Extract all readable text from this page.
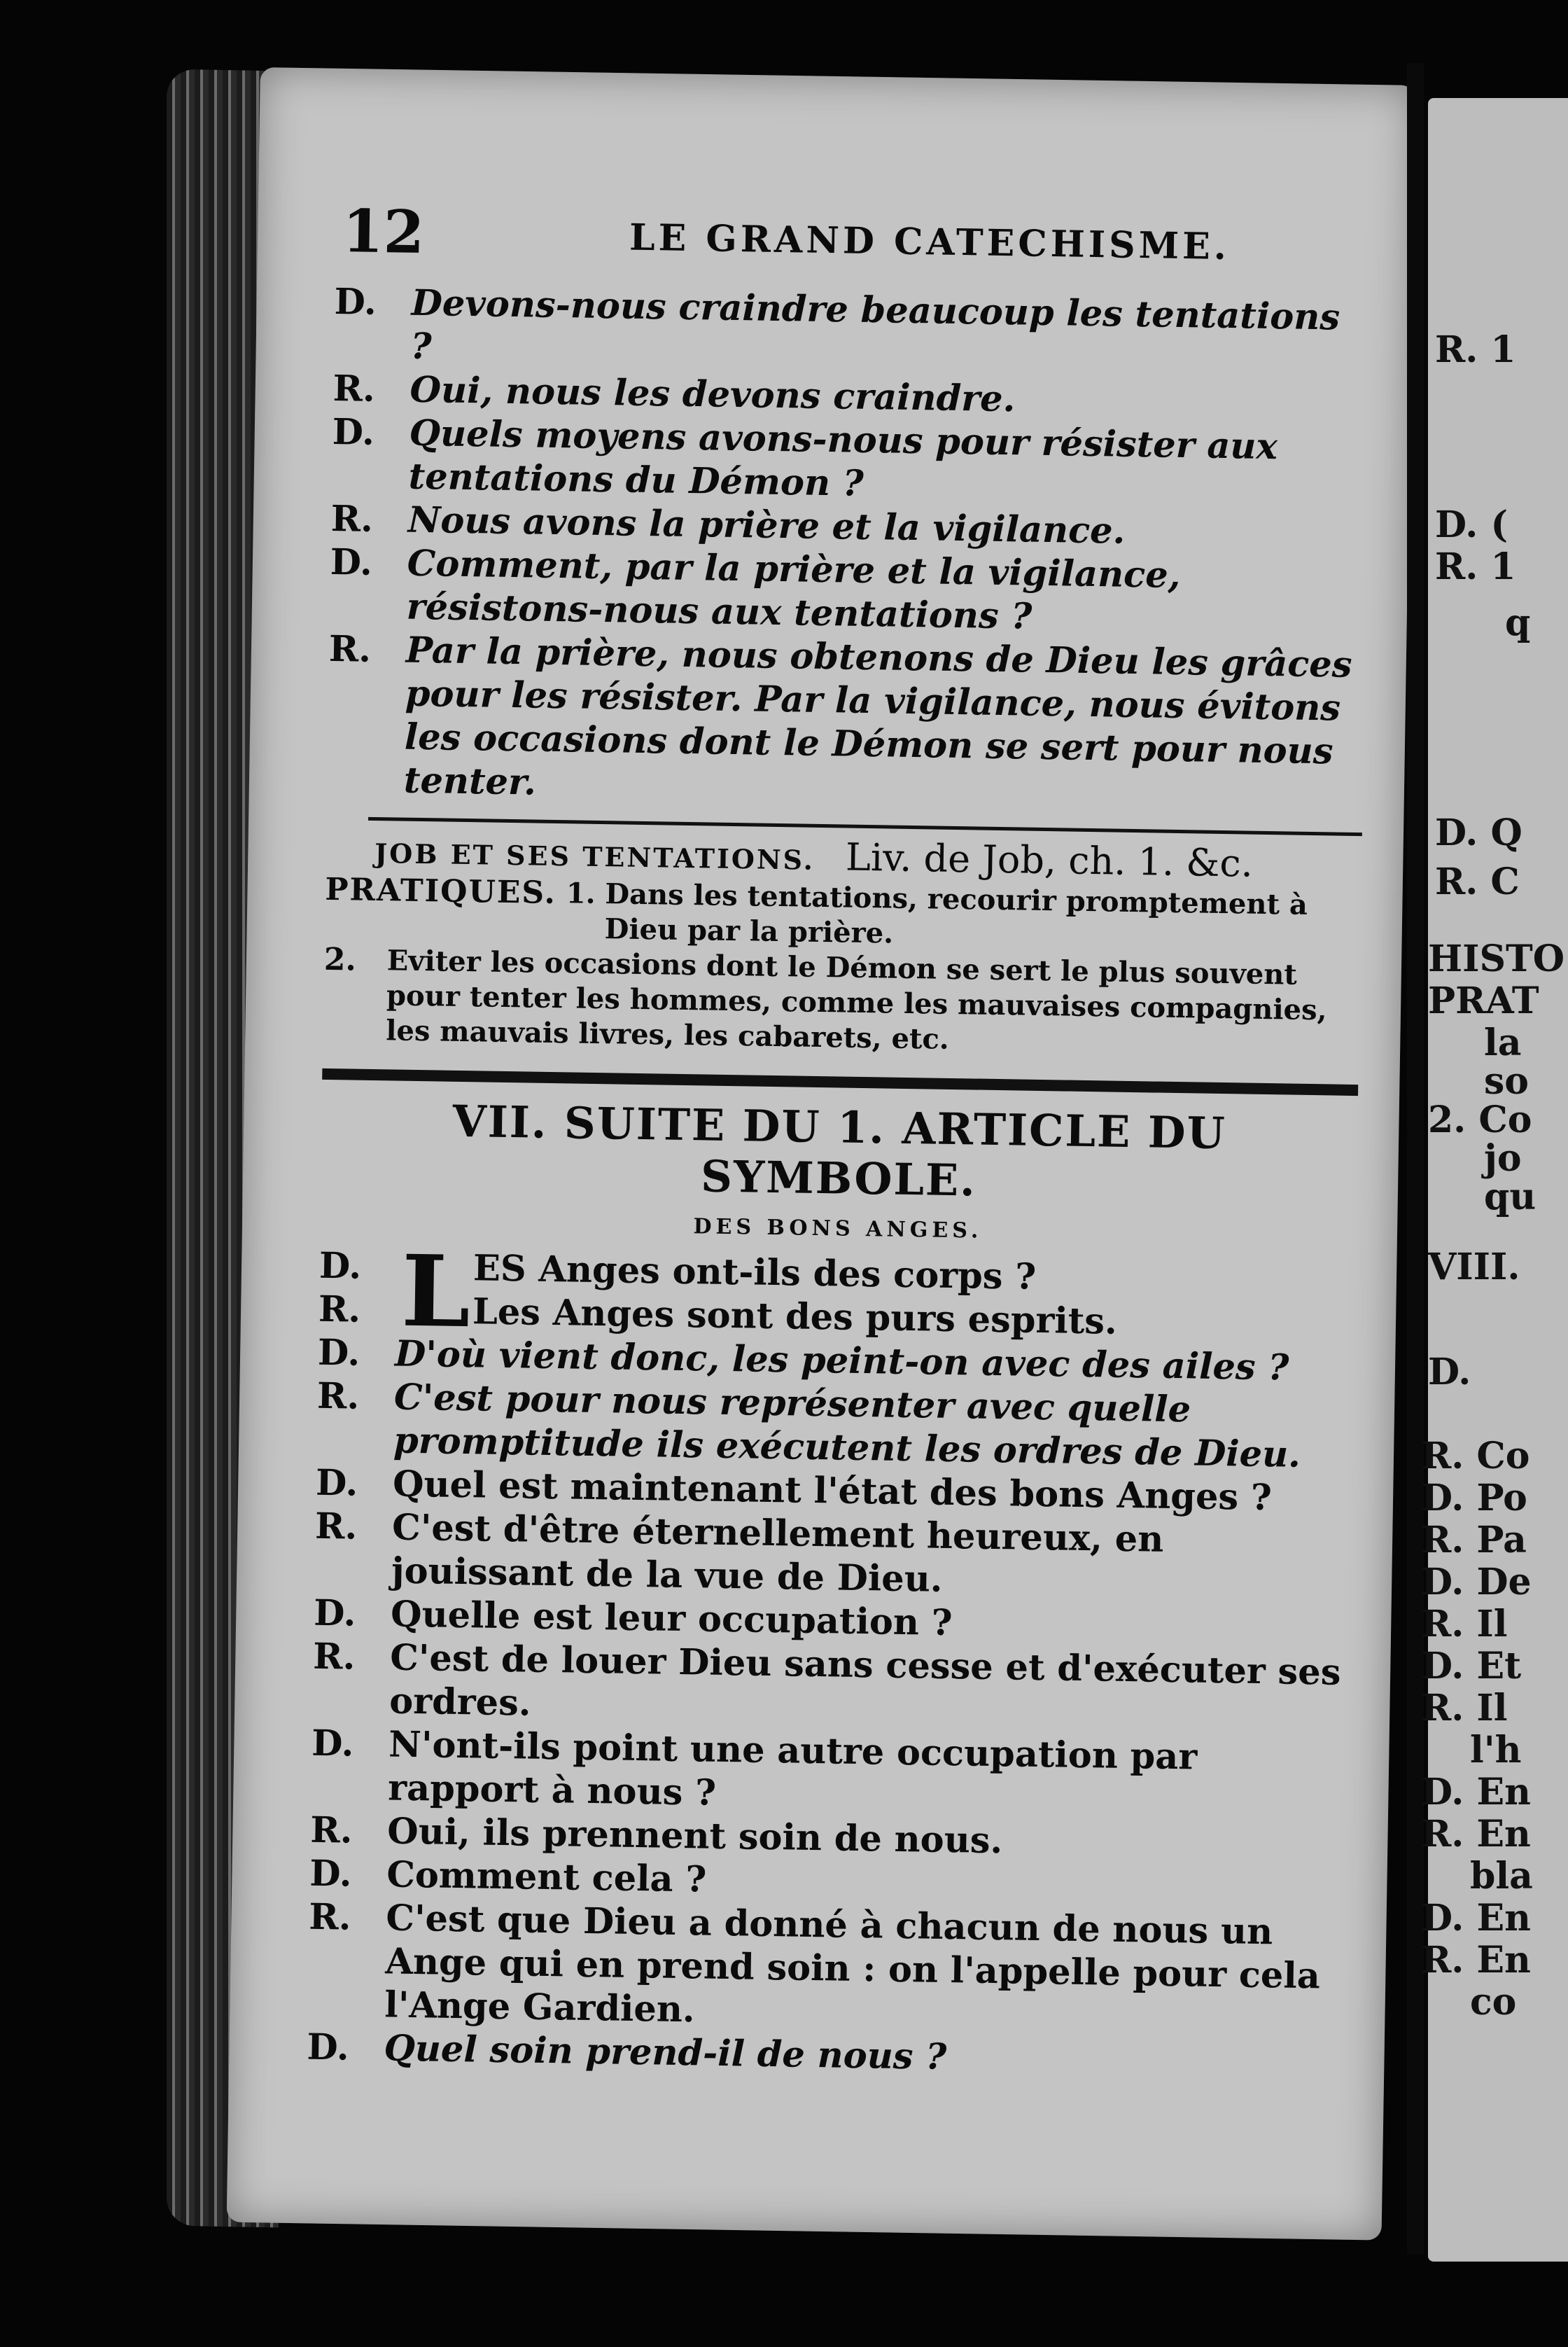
R. 1
D. (
R. 1
q
D. Q
R. C
HISTO
PRAT
la
so
2. Co
jo
qu
VIII.
D.
R. Co
D. Po
R. Pa
D. De
R. Il
D. Et
R. Il
l'h
D. En
R. En
bla
D. En
R. En
co
12	LE GRAND CATECHISME.
D. Devons-nous craindre beaucoup les tentations ?
R. Oui, nous les devons craindre.
D. Quels moyens avons-nous pour résister aux tentations du Démon ?
R. Nous avons la prière et la vigilance.
D. Comment, par la prière et la vigilance, résistons-nous aux tentations ?
R. Par la prière, nous obtenons de Dieu les grâces pour les résister. Par la vigilance, nous évitons les occasions dont le Démon se sert pour nous tenter.
JOB ET SES TENTATIONS. Liv. de Job, ch. 1. &c.
PRATIQUES.
1.
Dans les tentations, recourir promptement à Dieu par la prière.
2.	Eviter les occasions dont le Démon se sert le plus souvent pour tenter les hommes, comme les mauvaises compagnies, les mauvais livres, les cabarets, etc.
VII. SUITE DU 1. ARTICLE DU SYMBOLE.
DES BONS ANGES.
D. L ES Anges ont-ils des corps ?
R.	Les Anges sont des purs esprits.
D. D'où vient donc, les peint-on avec des ailes ?
R. C'est pour nous représenter avec quelle promptitude ils exécutent les ordres de Dieu.
D. Quel est maintenant l'état des bons Anges ?
R. C'est d'être éternellement heureux, en jouissant de la vue de Dieu.
D. Quelle est leur occupation ?
R. C'est de louer Dieu sans cesse et d'exécuter ses ordres.
D. N'ont-ils point une autre occupation par rapport à nous ?
R. Oui, ils prennent soin de nous.
D. Comment cela ?
R. C'est que Dieu a donné à chacun de nous un Ange qui en prend soin : on l'appelle pour cela l'Ange Gardien.
D. Quel soin prend-il de nous ?
